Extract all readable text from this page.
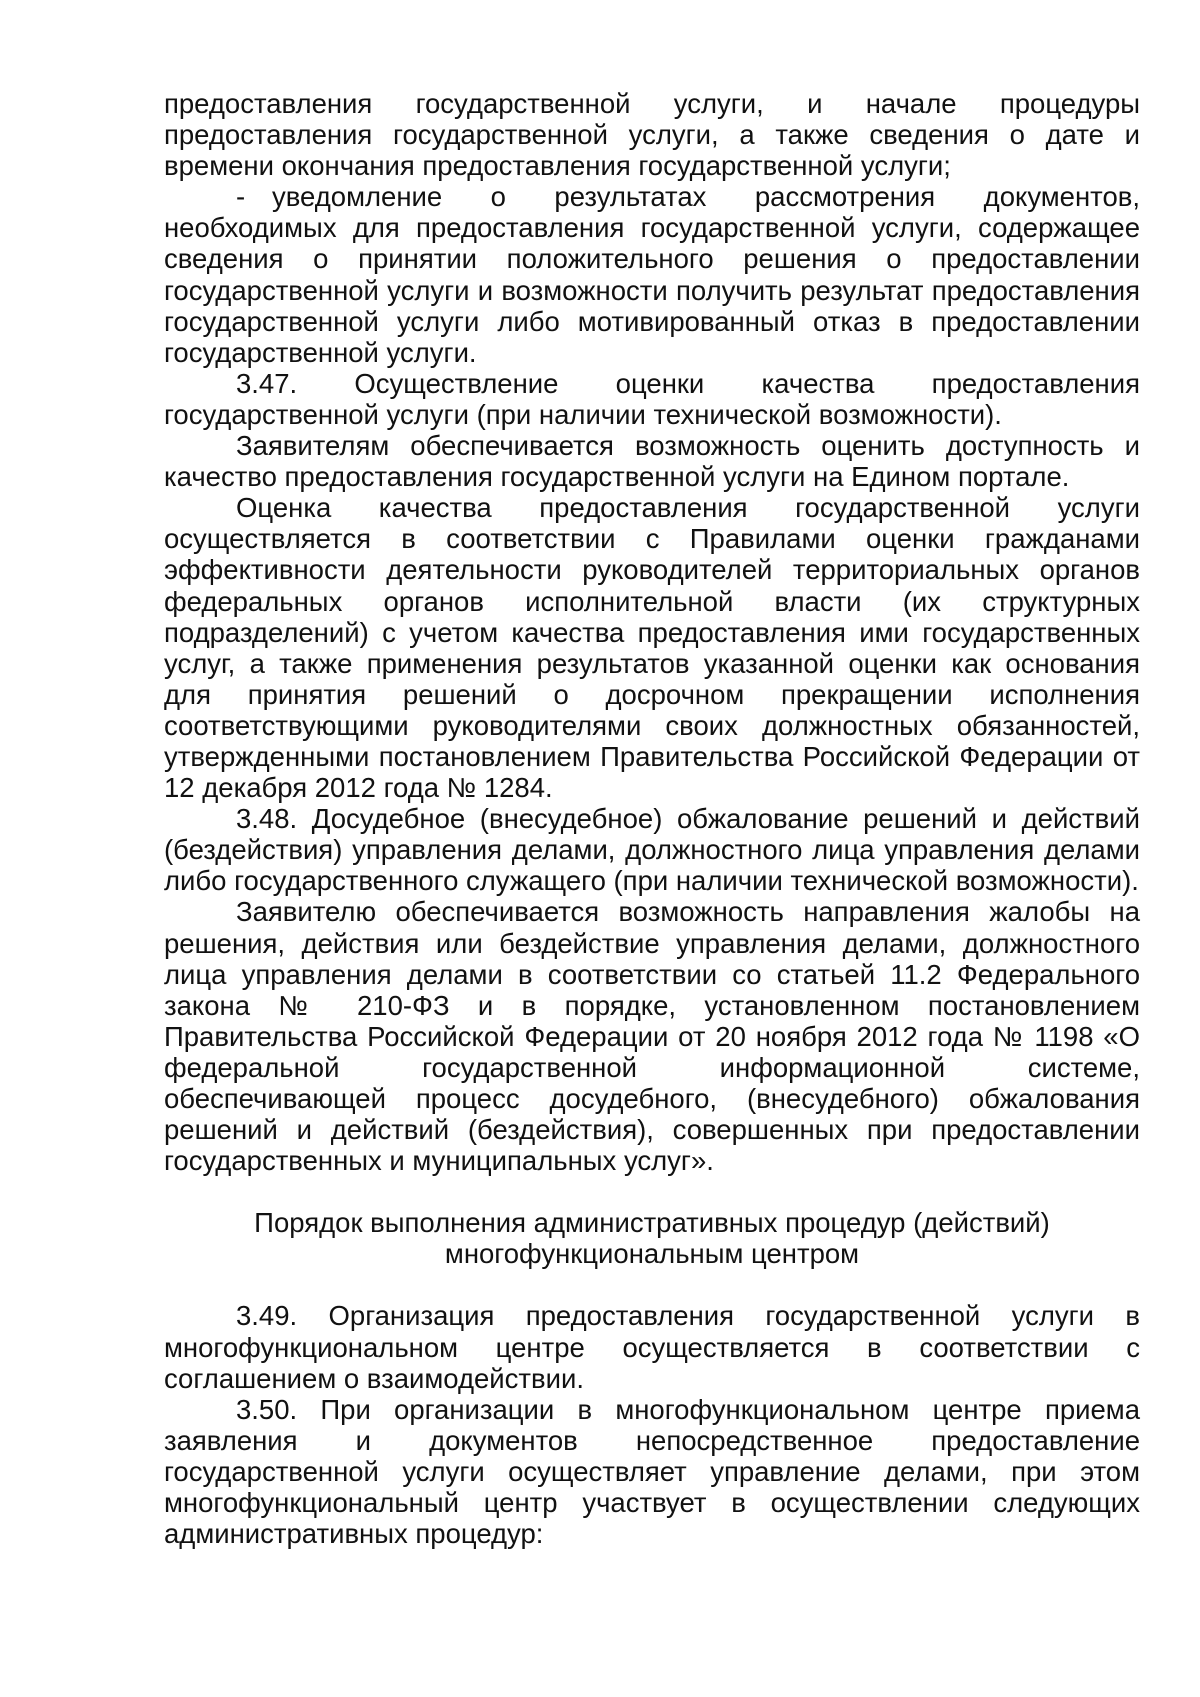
предоставления государственной услуги, и начале процедуры предоставления государственной услуги, а также сведения о дате и времени окончания предоставления государственной услуги;

- уведомление о результатах рассмотрения документов, необходимых для предоставления государственной услуги, содержащее сведения о принятии положительного решения о предоставлении государственной услуги и возможности получить результат предоставления государственной услуги либо мотивированный отказ в предоставлении государственной услуги.

3.47. Осуществление оценки качества предоставления государственной услуги (при наличии технической возможности).

Заявителям обеспечивается возможность оценить доступность и качество предоставления государственной услуги на Едином портале.

Оценка качества предоставления государственной услуги осуществляется в соответствии с Правилами оценки гражданами эффективности деятельности руководителей территориальных органов федеральных органов исполнительной власти (их структурных подразделений) с учетом качества предоставления ими государственных услуг, а также применения результатов указанной оценки как основания для принятия решений о досрочном прекращении исполнения соответствующими руководителями своих должностных обязанностей, утвержденными постановлением Правительства Российской Федерации от 12 декабря 2012 года № 1284.

3.48. Досудебное (внесудебное) обжалование решений и действий (бездействия) управления делами, должностного лица управления делами либо государственного служащего (при наличии технической возможности).

Заявителю обеспечивается возможность направления жалобы на решения, действия или бездействие управления делами, должностного лица управления делами в соответствии со статьей 11.2 Федерального закона № 210-ФЗ и в порядке, установленном постановлением Правительства Российской Федерации от 20 ноября 2012 года № 1198 «О федеральной государственной информационной системе, обеспечивающей процесс досудебного, (внесудебного) обжалования решений и действий (бездействия), совершенных при предоставлении государственных и муниципальных услуг».

Порядок выполнения административных процедур (действий)
многофункциональным центром

3.49. Организация предоставления государственной услуги в многофункциональном центре осуществляется в соответствии с соглашением о взаимодействии.

3.50. При организации в многофункциональном центре приема заявления и документов непосредственное предоставление государственной услуги осуществляет управление делами, при этом многофункциональный центр участвует в осуществлении следующих административных процедур:
